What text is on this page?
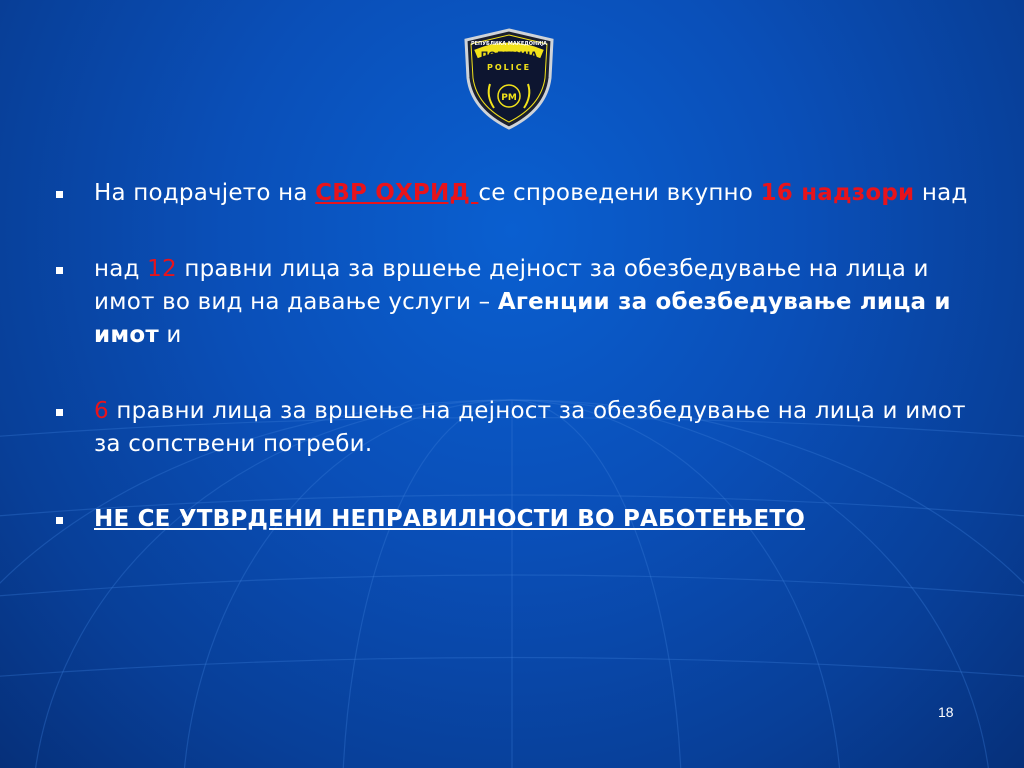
РЕПУБЛИКА МАКЕДОНИЈА
ПОЛИЦИЈА
POLICE
PM
На подрачјето на СВР ОХРИД се спроведени вкупно 16 надзори над
над 12 правни лица за вршење дејност за обезбедување на лица и имот во вид на давање услуги – Агенции за обезбедување лица и имот и
6 правни лица за вршење на дејност за обезбедување на лица и имот за сопствени потреби.
НЕ СЕ УТВРДЕНИ НЕПРАВИЛНОСТИ ВО РАБОТЕЊЕТО
18
